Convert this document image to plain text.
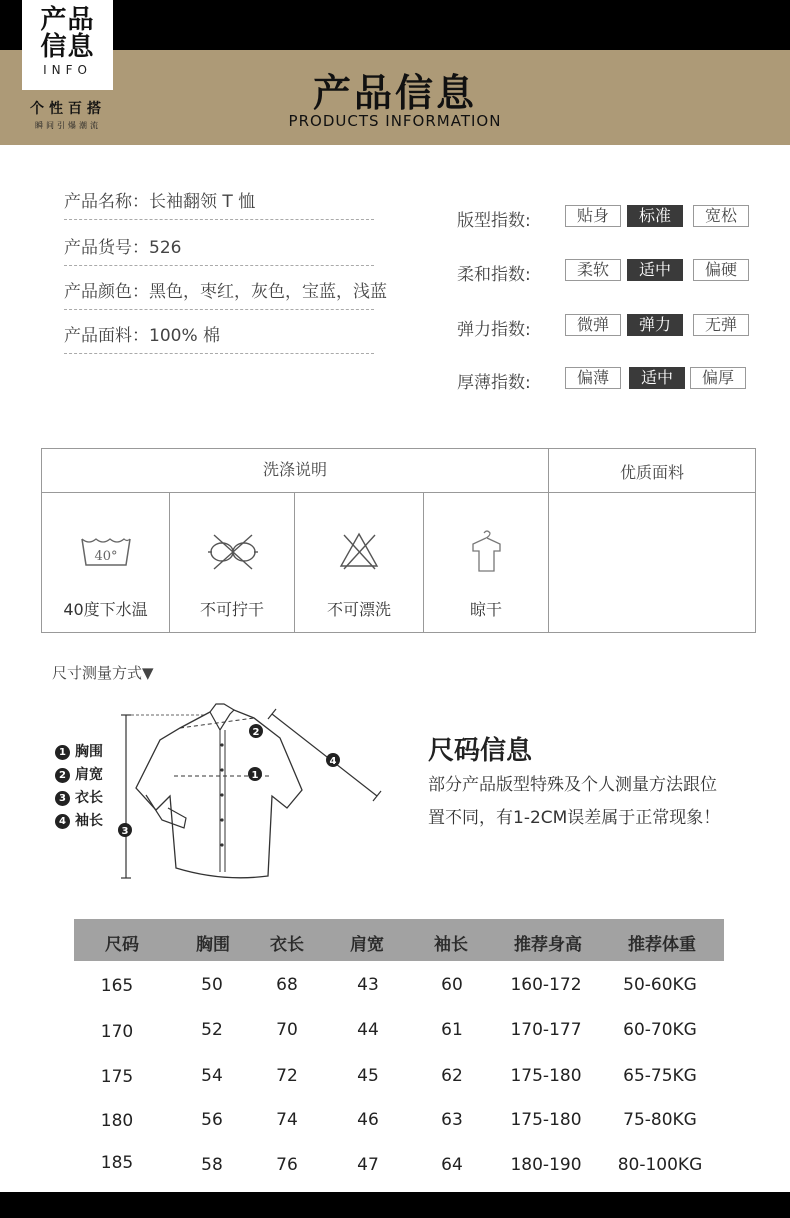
产品
信息
INFO
个性百搭
瞬间引爆潮流
产品信息
PRODUCTS INFORMATION
产品名称：长袖翻领 T 恤
产品货号：526
产品颜色：黑色，枣红，灰色，宝蓝，浅蓝
产品面料：100% 棉
版型指数:	贴身	标准	宽松
柔和指数:	柔软	适中	偏硬
弹力指数:	微弹	弹力	无弹
厚薄指数:	偏薄	适中	偏厚
洗涤说明	优质面料
40°
40度下水温	不可拧干	不可漂洗	晾干
尺寸测量方式▼
1 胸围
2 肩宽
3 衣长
4 袖长
3
1
2
4	尺码信息
部分产品版型特殊及个人测量方法跟位
置不同，有1-2CM误差属于正常现象！
尺码	胸围	衣长	肩宽	袖长	推荐身高	推荐体重
165	50	68	43	60	160-172	50-60KG
170	52	70	44	61	170-177	60-70KG
175	54	72	45	62	175-180	65-75KG
180	56	74	46	63	175-180	75-80KG
185	58	76	47	64	180-190	80-100KG
